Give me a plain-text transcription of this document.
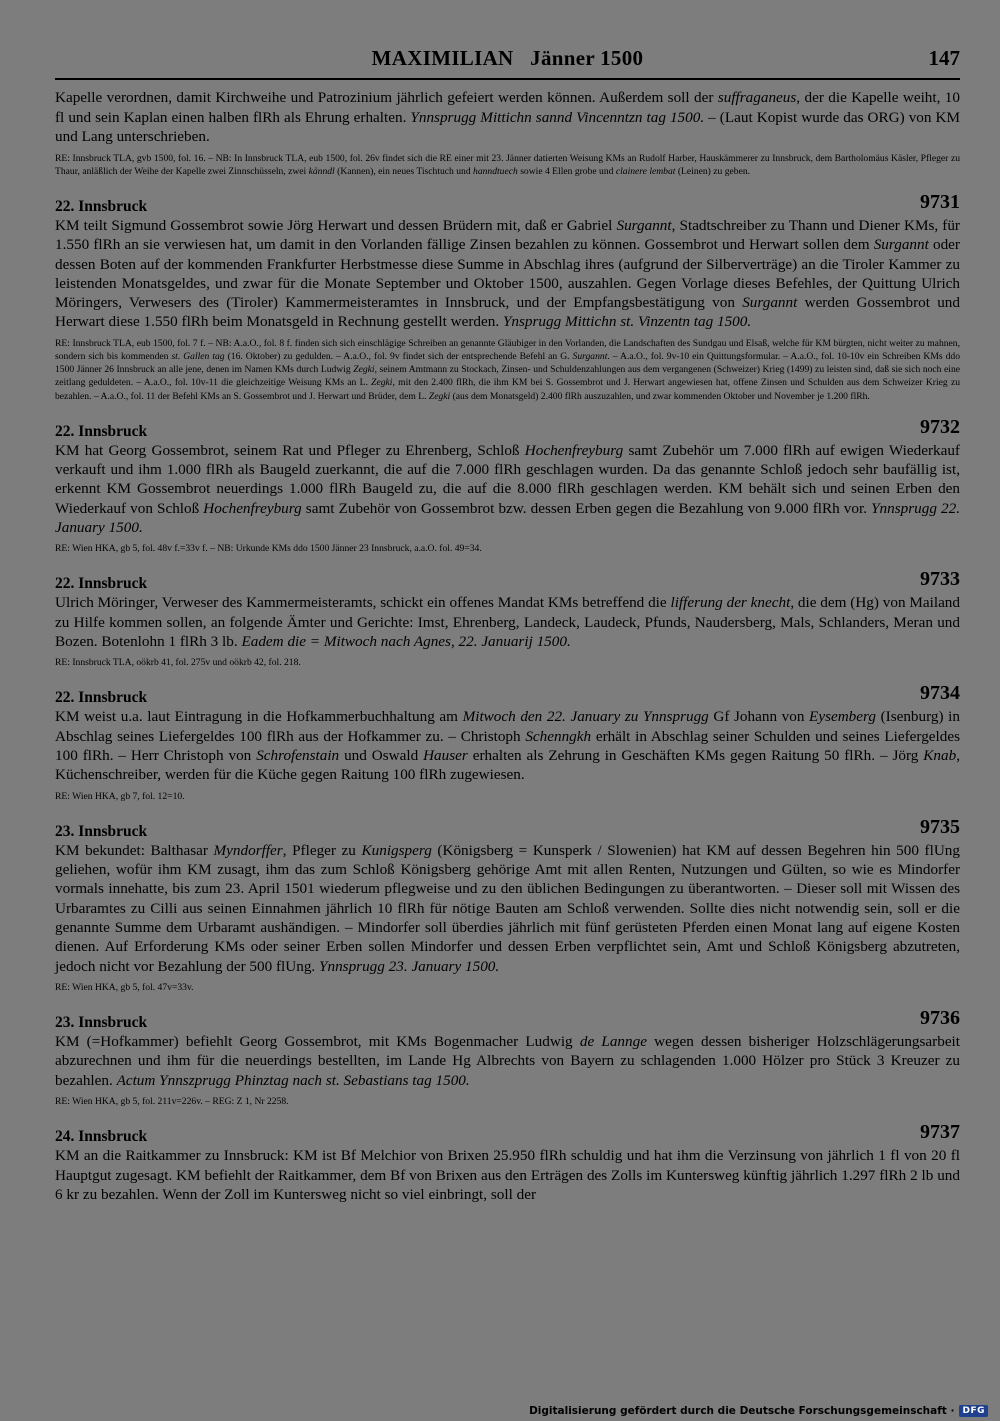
MAXIMILIAN   Jänner 1500	147
Kapelle verordnen, damit Kirchweihe und Patrozinium jährlich gefeiert werden können. Außerdem soll der suffraganeus, der die Kapelle weiht, 10 fl und sein Kaplan einen halben flRh als Ehrung erhalten. Ynnsprugg Mittichn sannd Vincenntzn tag 1500. – (Laut Kopist wurde das ORG) von KM und Lang unterschrieben.
RE: Innsbruck TLA, gvb 1500, fol. 16. – NB: In Innsbruck TLA, eub 1500, fol. 26v findet sich die RE einer mit 23. Jänner datierten Weisung KMs an Rudolf Harber, Hauskämmerer zu Innsbruck, dem Bartholomäus Käsler, Pfleger zu Thaur, anläßlich der Weihe der Kapelle zwei Zinnschüsseln, zwei känndl (Kannen), ein neues Tischtuch und hanndtuech sowie 4 Ellen grobe und clainere lembat (Leinen) zu geben.
22. Innsbruck	9731
KM teilt Sigmund Gossembrot sowie Jörg Herwart und dessen Brüdern mit, daß er Gabriel Surgannt, Stadtschreiber zu Thann und Diener KMs, für 1.550 flRh an sie verwiesen hat, um damit in den Vorlanden fällige Zinsen bezahlen zu können. Gossembrot und Herwart sollen dem Surgannt oder dessen Boten auf der kommenden Frankfurter Herbstmesse diese Summe in Abschlag ihres (aufgrund der Silberverträge) an die Tiroler Kammer zu leistenden Monatsgeldes, und zwar für die Monate September und Oktober 1500, auszahlen. Gegen Vorlage dieses Befehles, der Quittung Ulrich Möringers, Verwesers des (Tiroler) Kammermeisteramtes in Innsbruck, und der Empfangsbestätigung von Surgannt werden Gossembrot und Herwart diese 1.550 flRh beim Monatsgeld in Rechnung gestellt werden. Ynsprugg Mittichn st. Vinzentn tag 1500.
RE: Innsbruck TLA, eub 1500, fol. 7 f. – NB: A.a.O., fol. 8 f. finden sich sich einschlägige Schreiben an genannte Gläubiger in den Vorlanden, die Landschaften des Sundgau und Elsaß, welche für KM bürgten, nicht weiter zu mahnen, sondern sich bis kommenden st. Gallen tag (16. Oktober) zu gedulden. – A.a.O., fol. 9v findet sich der entsprechende Befehl an G. Surgannt. – A.a.O., fol. 9v-10 ein Quittungsformular. – A.a.O., fol. 10-10v ein Schreiben KMs ddo 1500 Jänner 26 Innsbruck an alle jene, denen im Namen KMs durch Ludwig Zegki, seinem Amtmann zu Stockach, Zinsen- und Schuldenzahlungen aus dem vergangenen (Schweizer) Krieg (1499) zu leisten sind, daß sie sich noch eine zeitlang geduldeten. – A.a.O., fol. 10v-11 die gleichzeitige Weisung KMs an L. Zegki, mit den 2.400 flRh, die ihm KM bei S. Gossembrot und J. Herwart angewiesen hat, offene Zinsen und Schulden aus dem Schweizer Krieg zu bezahlen. – A.a.O., fol. 11 der Befehl KMs an S. Gossembrot und J. Herwart und Brüder, dem L. Zegki (aus dem Monatsgeld) 2.400 flRh auszuzahlen, und zwar kommenden Oktober und November je 1.200 flRh.
22. Innsbruck	9732
KM hat Georg Gossembrot, seinem Rat und Pfleger zu Ehrenberg, Schloß Hochenfreyburg samt Zubehör um 7.000 flRh auf ewigen Wiederkauf verkauft und ihm 1.000 flRh als Baugeld zuerkannt, die auf die 7.000 flRh geschlagen wurden. Da das genannte Schloß jedoch sehr baufällig ist, erkennt KM Gossembrot neuerdings 1.000 flRh Baugeld zu, die auf die 8.000 flRh geschlagen werden. KM behält sich und seinen Erben den Wiederkauf von Schloß Hochenfreyburg samt Zubehör von Gossembrot bzw. dessen Erben gegen die Bezahlung von 9.000 flRh vor. Ynnsprugg 22. January 1500.
RE: Wien HKA, gb 5, fol. 48v f.=33v f. – NB: Urkunde KMs ddo 1500 Jänner 23 Innsbruck, a.a.O. fol. 49=34.
22. Innsbruck	9733
Ulrich Möringer, Verweser des Kammermeisteramts, schickt ein offenes Mandat KMs betreffend die lifferung der knecht, die dem (Hg) von Mailand zu Hilfe kommen sollen, an folgende Ämter und Gerichte: Imst, Ehrenberg, Landeck, Laudeck, Pfunds, Naudersberg, Mals, Schlanders, Meran und Bozen. Botenlohn 1 flRh 3 lb. Eadem die = Mitwoch nach Agnes, 22. Januarij 1500.
RE: Innsbruck TLA, oökrb 41, fol. 275v und oökrb 42, fol. 218.
22. Innsbruck	9734
KM weist u.a. laut Eintragung in die Hofkammerbuchhaltung am Mitwoch den 22. January zu Ynnsprugg Gf Johann von Eysemberg (Isenburg) in Abschlag seines Liefergeldes 100 flRh aus der Hofkammer zu. – Christoph Schenngkh erhält in Abschlag seiner Schulden und seines Liefergeldes 100 flRh. – Herr Christoph von Schrofenstain und Oswald Hauser erhalten als Zehrung in Geschäften KMs gegen Raitung 50 flRh. – Jörg Knab, Küchenschreiber, werden für die Küche gegen Raitung 100 flRh zugewiesen.
RE: Wien HKA, gb 7, fol. 12=10.
23. Innsbruck	9735
KM bekundet: Balthasar Myndorffer, Pfleger zu Kunigsperg (Königsberg = Kunsperk / Slowenien) hat KM auf dessen Begehren hin 500 flUng geliehen, wofür ihm KM zusagt, ihm das zum Schloß Königsberg gehörige Amt mit allen Renten, Nutzungen und Gülten, so wie es Mindorfer vormals innehatte, bis zum 23. April 1501 wiederum pflegweise und zu den üblichen Bedingungen zu überantworten. – Dieser soll mit Wissen des Urbaramtes zu Cilli aus seinen Einnahmen jährlich 10 flRh für nötige Bauten am Schloß verwenden. Sollte dies nicht notwendig sein, soll er die genannte Summe dem Urbaramt aushändigen. – Mindorfer soll überdies jährlich mit fünf gerüsteten Pferden einen Monat lang auf eigene Kosten dienen. Auf Erforderung KMs oder seiner Erben sollen Mindorfer und dessen Erben verpflichtet sein, Amt und Schloß Königsberg abzutreten, jedoch nicht vor Bezahlung der 500 flUng. Ynnsprugg 23. January 1500.
RE: Wien HKA, gb 5, fol. 47v=33v.
23. Innsbruck	9736
KM (=Hofkammer) befiehlt Georg Gossembrot, mit KMs Bogenmacher Ludwig de Lannge wegen dessen bisheriger Holzschlägerungsarbeit abzurechnen und ihm für die neuerdings bestellten, im Lande Hg Albrechts von Bayern zu schlagenden 1.000 Hölzer pro Stück 3 Kreuzer zu bezahlen. Actum Ynnszprugg Phinztag nach st. Sebastians tag 1500.
RE: Wien HKA, gb 5, fol. 211v=226v. – REG: Z 1, Nr 2258.
24. Innsbruck	9737
KM an die Raitkammer zu Innsbruck: KM ist Bf Melchior von Brixen 25.950 flRh schuldig und hat ihm die Verzinsung von jährlich 1 fl von 20 fl Hauptgut zugesagt. KM befiehlt der Raitkammer, dem Bf von Brixen aus den Erträgen des Zolls im Kuntersweg künftig jährlich 1.297 flRh 2 lb und 6 kr zu bezahlen. Wenn der Zoll im Kuntersweg nicht so viel einbringt, soll der
Digitalisierung gefördert durch die Deutsche Forschungsgemeinschaft · DFG
